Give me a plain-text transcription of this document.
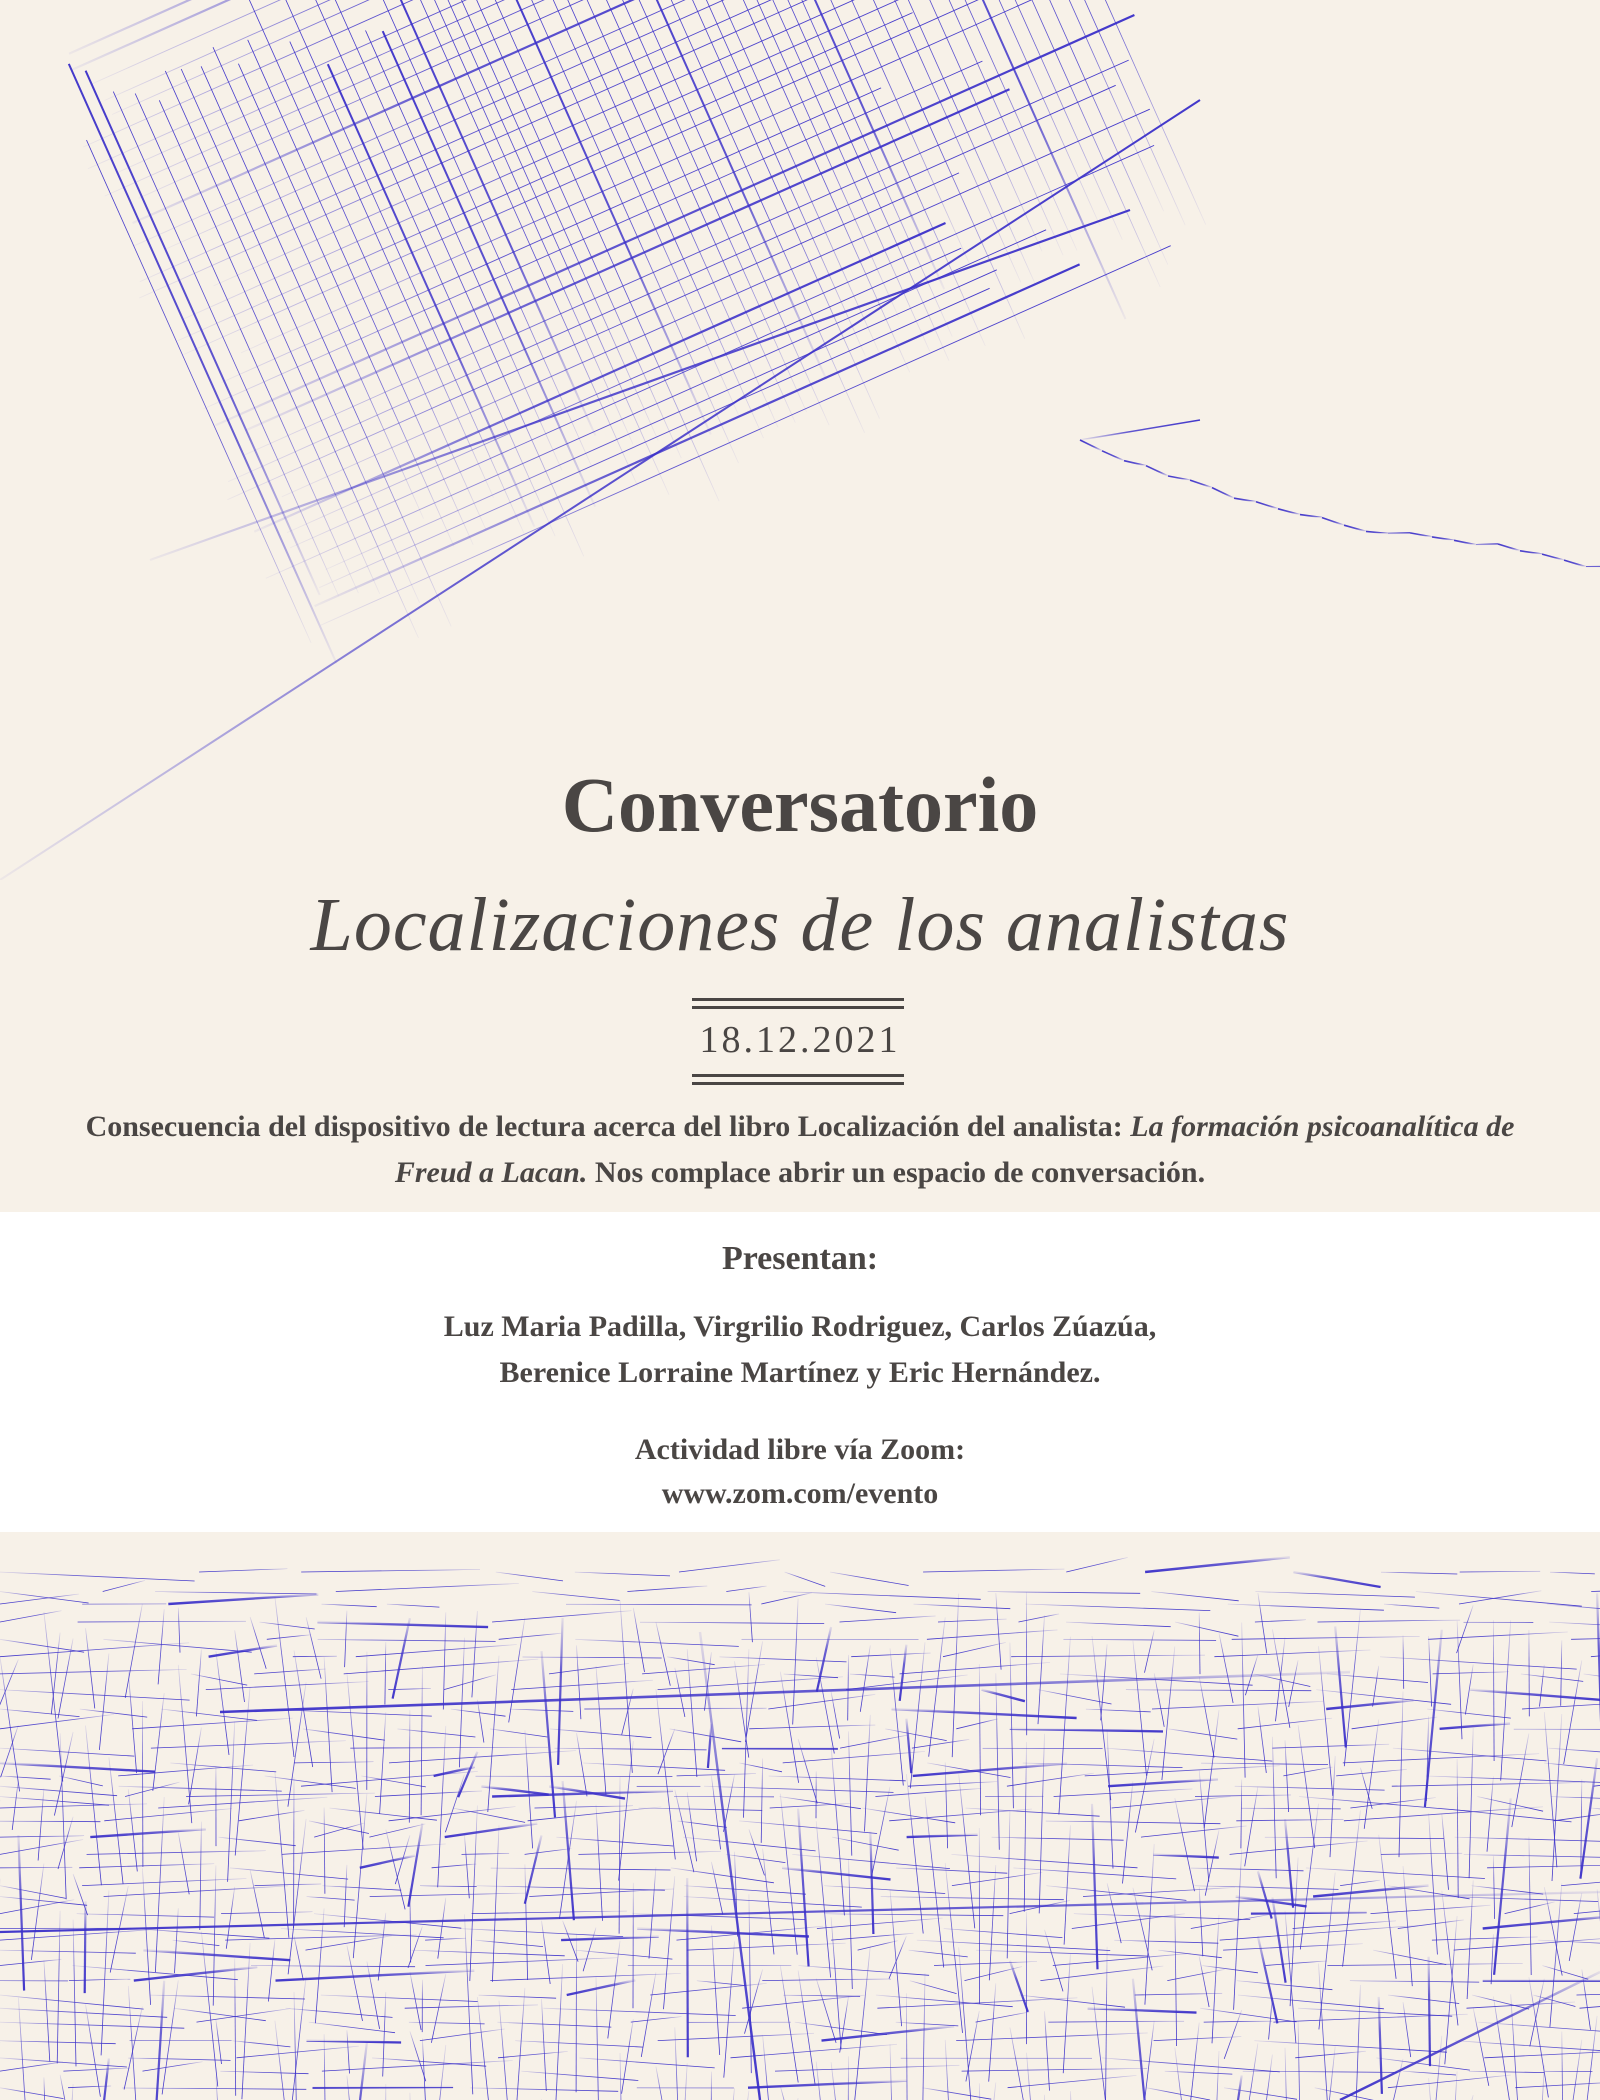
Conversatorio
Localizaciones de los analistas
18.12.2021
Consecuencia del dispositivo de lectura acerca del libro Localización del analista: La formación psicoanalítica de Freud a Lacan. Nos complace abrir un espacio de conversación.
Presentan:
Luz Maria Padilla, Virgrilio Rodriguez, Carlos Zúazúa,
Berenice Lorraine Martínez y Eric Hernández.
Actividad libre vía Zoom:
www.zom.com/evento
